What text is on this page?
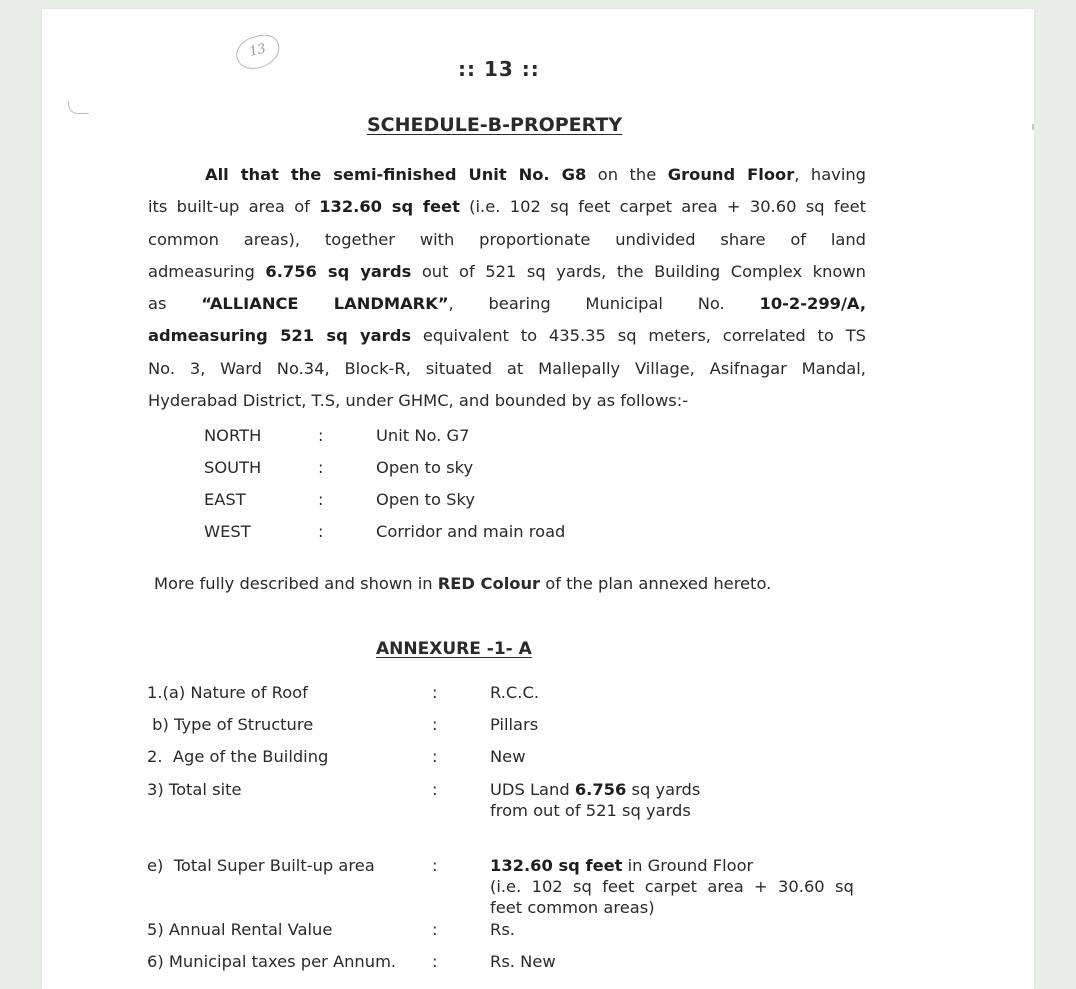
13
:: 13 ::
SCHEDULE-B-PROPERTY

All that the semi-finished Unit No. G8 on the Ground Floor, having

its built-up area of 132.60 sq feet (i.e. 102 sq feet carpet area + 30.60 sq feet

common areas), together with proportionate undivided share of land

admeasuring 6.756 sq yards out of 521 sq yards, the Building Complex known

as “ALLIANCE LANDMARK”, bearing Municipal No. 10-2-299/A,

admeasuring 521 sq yards equivalent to 435.35 sq meters, correlated to TS

No. 3, Ward No.34, Block-R, situated at Mallepally Village, Asifnagar Mandal,

Hyderabad District, T.S, under GHMC, and bounded by as follows:-

NORTH	:	Unit No. G7
SOUTH	:	Open to sky
EAST	:	Open to Sky
WEST	:	Corridor and main road
More fully described and shown in RED Colour of the plan annexed hereto.
ANNEXURE -1- A
1.(a) Nature of Roof	:	R.C.C.
b) Type of Structure	:	Pillars
2.  Age of the Building	:	New
3) Total site	:	UDS Land 6.756 sq yards
from out of 521 sq yards
e)  Total Super Built-up area	:	132.60 sq feet in Ground Floor
(i.e.  102  sq  feet  carpet  area  +  30.60  sq
feet common areas)
5) Annual Rental Value	:	Rs.
6) Municipal taxes per Annum. :	Rs. New
